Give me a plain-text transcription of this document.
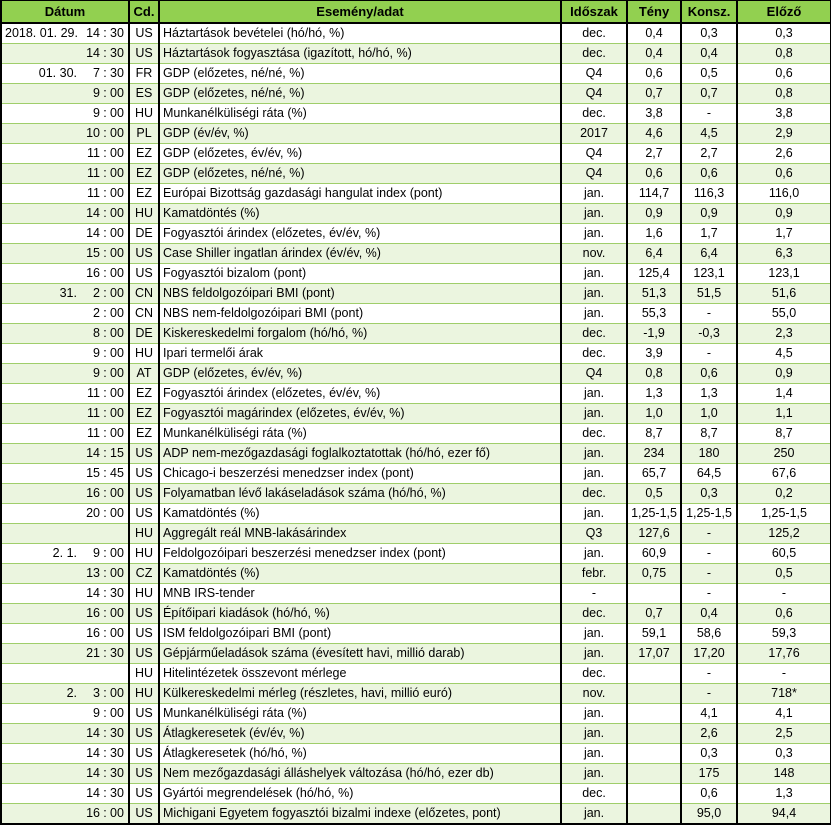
Dátum				Cd.	Esemény/adat	Időszak	Tény	Konsz.	Előző
2018. 01. 29.	14	:	30	US	Háztartások bevételei (hó/hó, %)	dec.	0,4	0,3	0,3
	14	:	30	US	Háztartások fogyasztása (igazított, hó/hó, %)	dec.	0,4	0,4	0,8
01. 30.	7	:	30	FR	GDP (előzetes, né/né, %)	Q4	0,6	0,5	0,6
	9	:	00	ES	GDP (előzetes, né/né, %)	Q4	0,7	0,7	0,8
	9	:	00	HU	Munkanélküliségi ráta (%)	dec.	3,8	-	3,8
	10	:	00	PL	GDP (év/év, %)	2017	4,6	4,5	2,9
	11	:	00	EZ	GDP (előzetes, év/év, %)	Q4	2,7	2,7	2,6
	11	:	00	EZ	GDP (előzetes, né/né, %)	Q4	0,6	0,6	0,6
	11	:	00	EZ	Európai Bizottság gazdasági hangulat index (pont)	jan.	114,7	116,3	116,0
	14	:	00	HU	Kamatdöntés (%)	jan.	0,9	0,9	0,9
	14	:	00	DE	Fogyasztói árindex (előzetes, év/év, %)	jan.	1,6	1,7	1,7
	15	:	00	US	Case Shiller ingatlan árindex (év/év, %)	nov.	6,4	6,4	6,3
	16	:	00	US	Fogyasztói bizalom (pont)	jan.	125,4	123,1	123,1
31.	2	:	00	CN	NBS feldolgozóipari BMI (pont)	jan.	51,3	51,5	51,6
	2	:	00	CN	NBS nem-feldolgozóipari BMI (pont)	jan.	55,3	-	55,0
	8	:	00	DE	Kiskereskedelmi forgalom (hó/hó, %)	dec.	-1,9	-0,3	2,3
	9	:	00	HU	Ipari termelői árak	dec.	3,9	-	4,5
	9	:	00	AT	GDP (előzetes, év/év, %)	Q4	0,8	0,6	0,9
	11	:	00	EZ	Fogyasztói árindex (előzetes, év/év, %)	jan.	1,3	1,3	1,4
	11	:	00	EZ	Fogyasztói magárindex (előzetes, év/év, %)	jan.	1,0	1,0	1,1
	11	:	00	EZ	Munkanélküliségi ráta (%)	dec.	8,7	8,7	8,7
	14	:	15	US	ADP nem-mezőgazdasági foglalkoztatottak (hó/hó, ezer fő)	jan.	234	180	250
	15	:	45	US	Chicago-i beszerzési menedzser index (pont)	jan.	65,7	64,5	67,6
	16	:	00	US	Folyamatban lévő lakáseladások száma (hó/hó, %)	dec.	0,5	0,3	0,2
	20	:	00	US	Kamatdöntés (%)	jan.	1,25-1,5	1,25-1,5	1,25-1,5
				HU	Aggregált reál MNB-lakásárindex	Q3	127,6	-	125,2
2. 1.	9	:	00	HU	Feldolgozóipari beszerzési menedzser index (pont)	jan.	60,9	-	60,5
	13	:	00	CZ	Kamatdöntés (%)	febr.	0,75	-	0,5
	14	:	30	HU	MNB IRS-tender	-		-	-
	16	:	00	US	Építőipari kiadások (hó/hó, %)	dec.	0,7	0,4	0,6
	16	:	00	US	ISM feldolgozóipari BMI (pont)	jan.	59,1	58,6	59,3
	21	:	30	US	Gépjárműeladások száma (évesített havi, millió darab)	jan.	17,07	17,20	17,76
				HU	Hitelintézetek összevont mérlege	dec.		-	-
2.	3	:	00	HU	Külkereskedelmi mérleg (részletes, havi, millió euró)	nov.		-	718*
	9	:	00	US	Munkanélküliségi ráta (%)	jan.		4,1	4,1
	14	:	30	US	Átlagkeresetek (év/év, %)	jan.		2,6	2,5
	14	:	30	US	Átlagkeresetek (hó/hó, %)	jan.		0,3	0,3
	14	:	30	US	Nem mezőgazdasági álláshelyek változása (hó/hó, ezer db)	jan.		175	148
	14	:	30	US	Gyártói megrendelések (hó/hó, %)	dec.		0,6	1,3
	16	:	00	US	Michigani Egyetem fogyasztói bizalmi indexe (előzetes, pont)	jan.		95,0	94,4
